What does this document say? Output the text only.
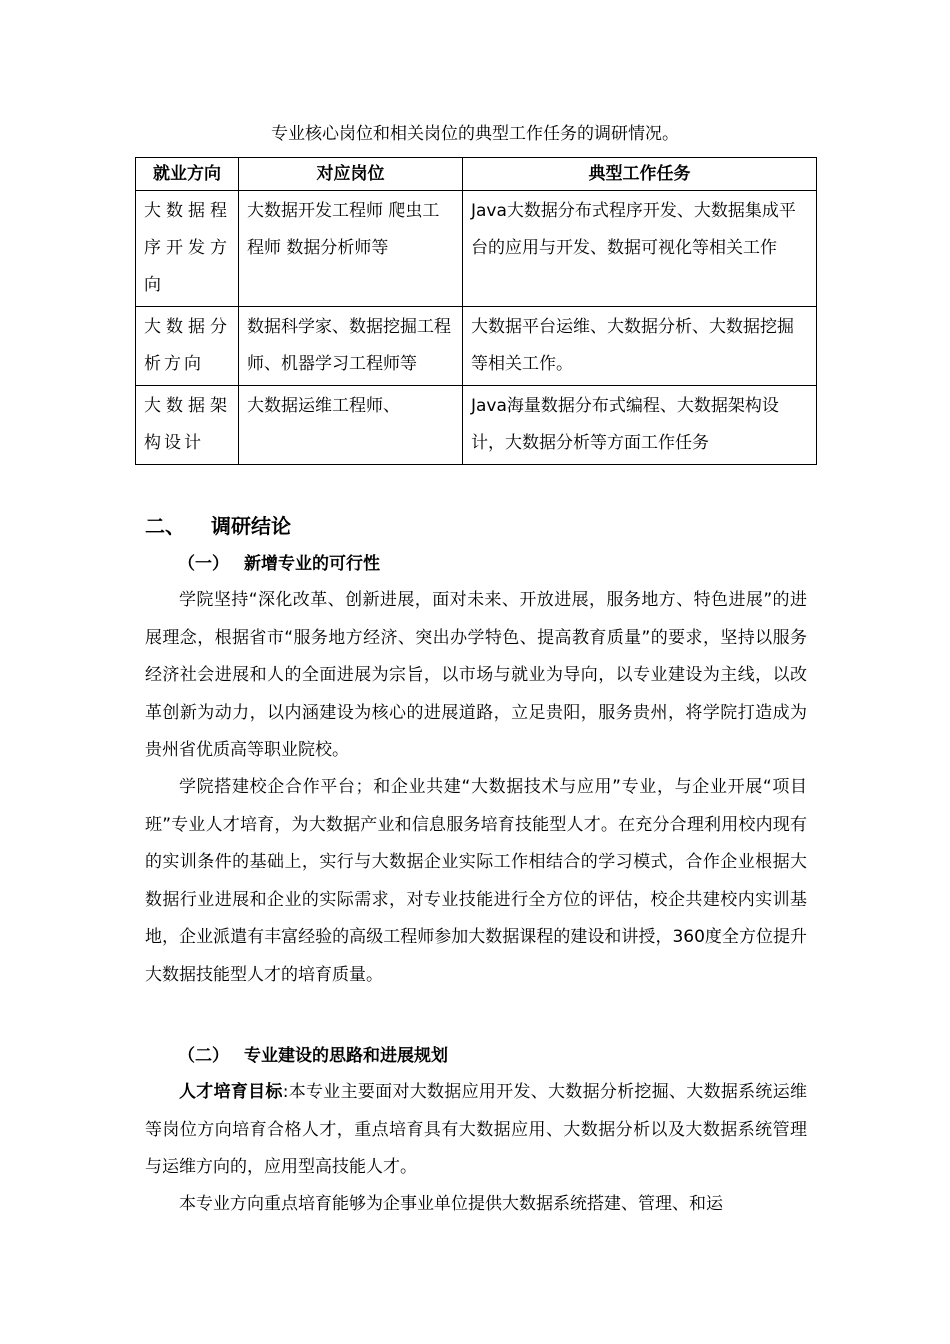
专业核心岗位和相关岗位的典型工作任务的调研情况。
就业方向	对应岗位	典型工作任务
大数据程序开发方向	大数据开发工程师 爬虫工程师 数据分析师等	Java大数据分布式程序开发、大数据集成平台的应用与开发、数据可视化等相关工作
大数据分析方向	数据科学家、数据挖掘工程师、机器学习工程师等	大数据平台运维、大数据分析、大数据挖掘等相关工作。
大数据架构设计	大数据运维工程师、	Java海量数据分布式编程、大数据架构设计，大数据分析等方面工作任务
二、 调研结论
（一） 新增专业的可行性

学院坚持“深化改革、创新进展，面对未来、开放进展，服务地方、特色进展”的进展理念，根据省市“服务地方经济、突出办学特色、提高教育质量”的要求，坚持以服务经济社会进展和人的全面进展为宗旨，以市场与就业为导向，以专业建设为主线，以改革创新为动力，以内涵建设为核心的进展道路，立足贵阳，服务贵州，将学院打造成为贵州省优质高等职业院校。

学院搭建校企合作平台；和企业共建“大数据技术与应用”专业，与企业开展“项目班”专业人才培育，为大数据产业和信息服务培育技能型人才。在充分合理利用校内现有的实训条件的基础上，实行与大数据企业实际工作相结合的学习模式，合作企业根据大数据行业进展和企业的实际需求，对专业技能进行全方位的评估，校企共建校内实训基地，企业派遣有丰富经验的高级工程师参加大数据课程的建设和讲授，360度全方位提升大数据技能型人才的培育质量。

（二） 专业建设的思路和进展规划

人才培育目标:本专业主要面对大数据应用开发、大数据分析挖掘、大数据系统运维等岗位方向培育合格人才，重点培育具有大数据应用、大数据分析以及大数据系统管理与运维方向的，应用型高技能人才。

本专业方向重点培育能够为企事业单位提供大数据系统搭建、管理、和运
